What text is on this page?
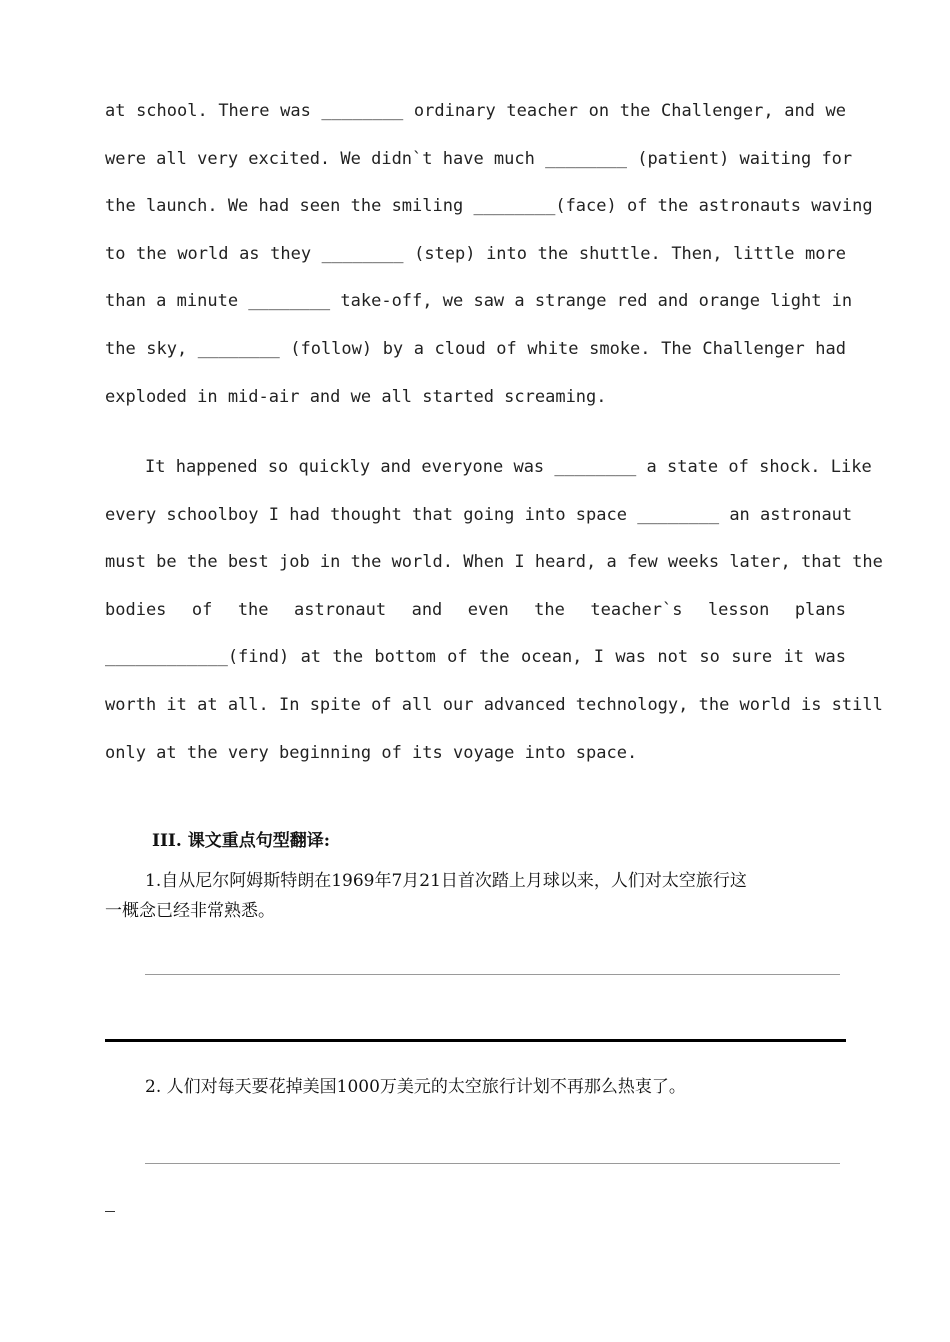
at school. There was ________ ordinary teacher on the Challenger, and we
were all very excited. We didn`t have much ________ (patient) waiting for
the launch. We had seen the smiling ________(face) of the astronauts waving
to the world as they ________ (step) into the shuttle. Then, little more
than a minute ________ take-off, we saw a strange red and orange light in
the sky, ________ (follow) by a cloud of white smoke. The Challenger had
exploded in mid-air and we all started screaming.
It happened so quickly and everyone was ________ a state of shock. Like
every schoolboy I had thought that going into space ________ an astronaut
must be the best job in the world. When I heard, a few weeks later, that the
bodies of the astronaut and even the teacher`s lesson plans
____________(find) at the bottom of the ocean, I was not so sure it was
worth it at all. In spite of all our advanced technology, the world is still
only at the very beginning of its voyage into space.
III. 课文重点句型翻译:
1.自从尼尔阿姆斯特朗在1969年7月21日首次踏上月球以来，人们对太空旅行这
一概念已经非常熟悉。
2. 人们对每天要花掉美国1000万美元的太空旅行计划不再那么热衷了。
